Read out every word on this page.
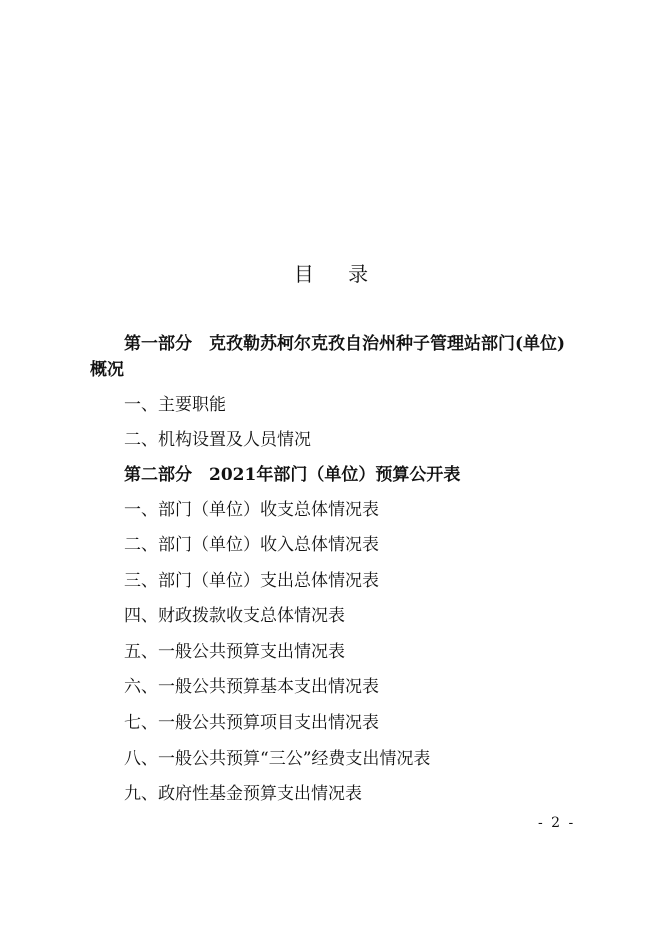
目 录
第一部分　克孜勒苏柯尔克孜自治州种子管理站部门(单位)
概况
一、主要职能
二、机构设置及人员情况
第二部分　2021年部门（单位）预算公开表
一、部门（单位）收支总体情况表
二、部门（单位）收入总体情况表
三、部门（单位）支出总体情况表
四、财政拨款收支总体情况表
五、一般公共预算支出情况表
六、一般公共预算基本支出情况表
七、一般公共预算项目支出情况表
八、一般公共预算“三公”经费支出情况表
九、政府性基金预算支出情况表
- 2 -
